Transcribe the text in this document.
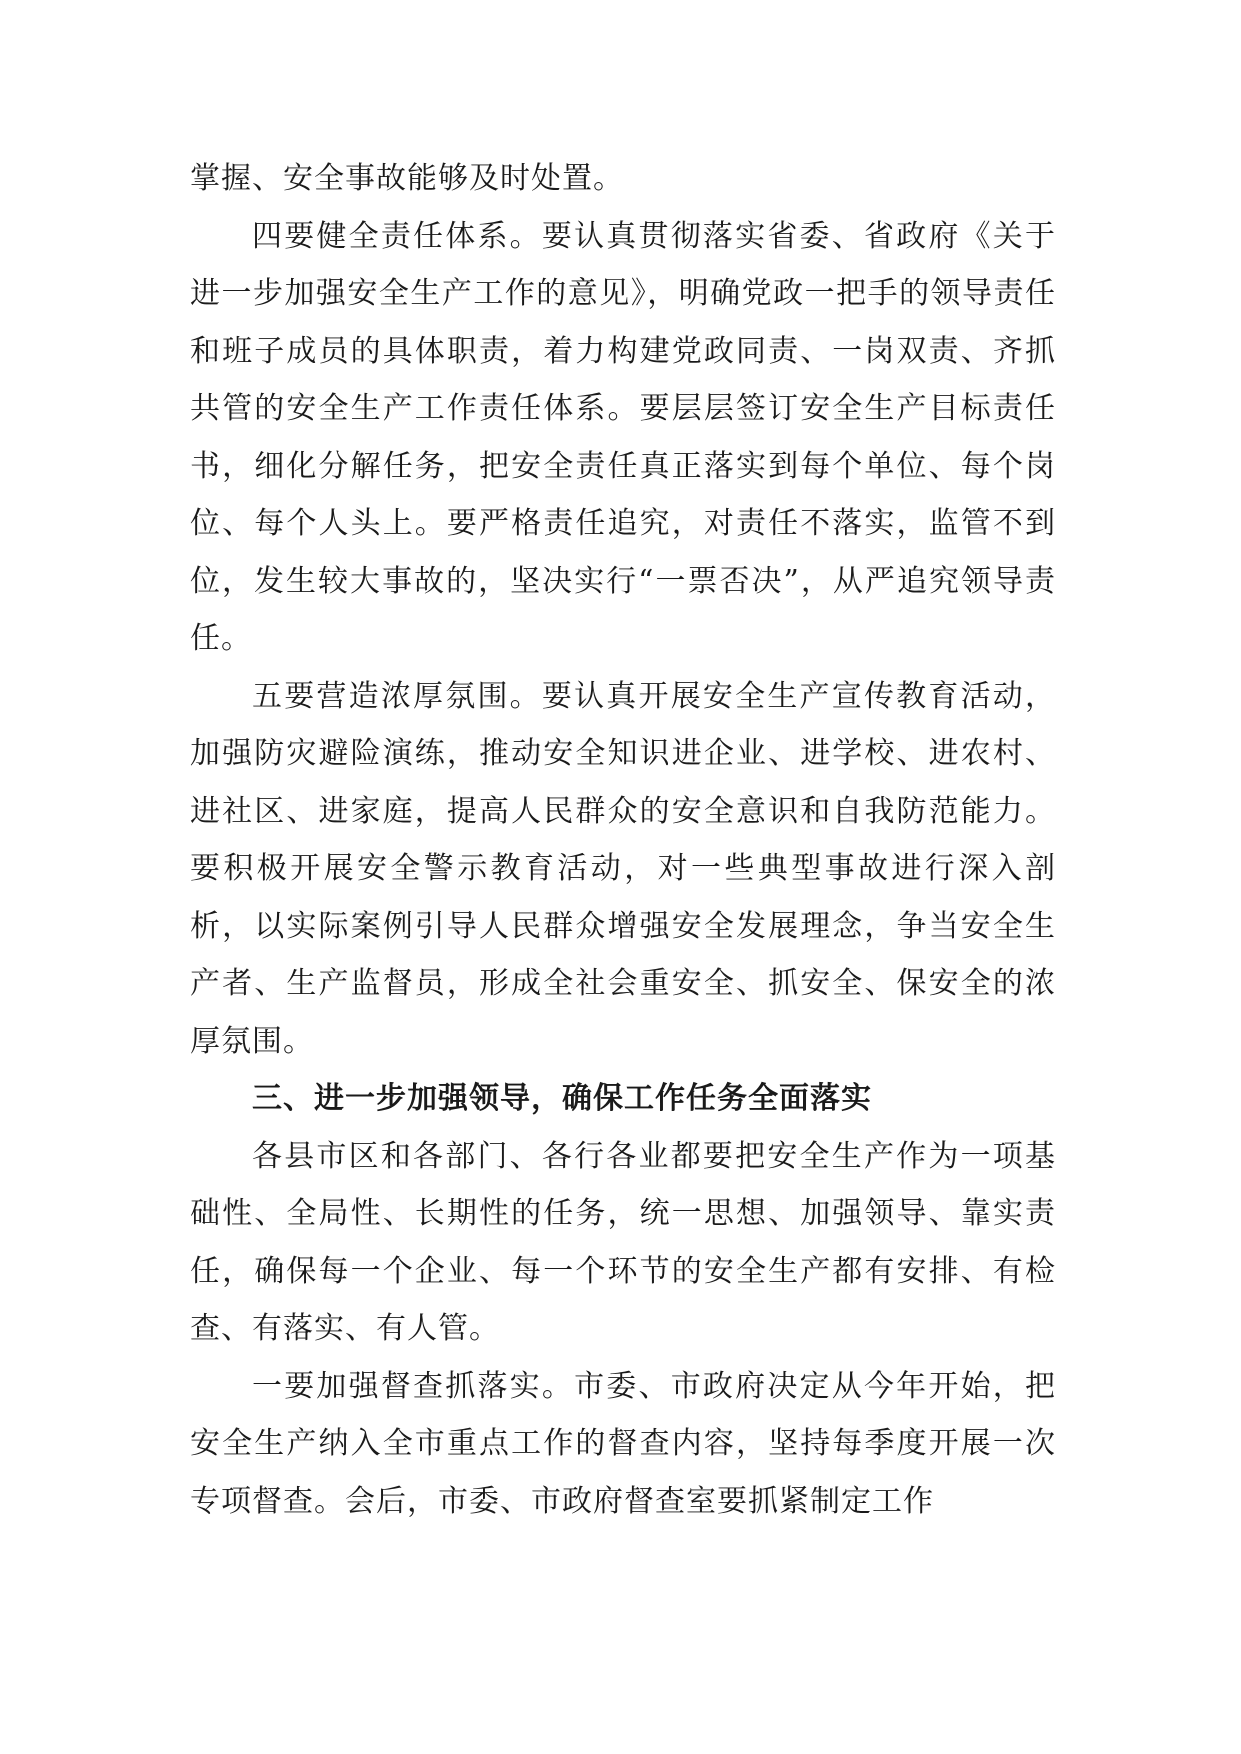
掌握、安全事故能够及时处置。

四要健全责任体系。要认真贯彻落实省委、省政府《关于进一步加强安全生产工作的意见》，明确党政一把手的领导责任和班子成员的具体职责，着力构建党政同责、一岗双责、齐抓共管的安全生产工作责任体系。要层层签订安全生产目标责任书，细化分解任务，把安全责任真正落实到每个单位、每个岗位、每个人头上。要严格责任追究，对责任不落实，监管不到位，发生较大事故的，坚决实行“一票否决”，从严追究领导责任。

五要营造浓厚氛围。要认真开展安全生产宣传教育活动，加强防灾避险演练，推动安全知识进企业、进学校、进农村、进社区、进家庭，提高人民群众的安全意识和自我防范能力。要积极开展安全警示教育活动，对一些典型事故进行深入剖析，以实际案例引导人民群众增强安全发展理念，争当安全生产者、生产监督员，形成全社会重安全、抓安全、保安全的浓厚氛围。

三、进一步加强领导，确保工作任务全面落实

各县市区和各部门、各行各业都要把安全生产作为一项基础性、全局性、长期性的任务，统一思想、加强领导、靠实责任，确保每一个企业、每一个环节的安全生产都有安排、有检查、有落实、有人管。

一要加强督查抓落实。市委、市政府决定从今年开始，把安全生产纳入全市重点工作的督查内容，坚持每季度开展一次专项督查。会后，市委、市政府督查室要抓紧制定工作
